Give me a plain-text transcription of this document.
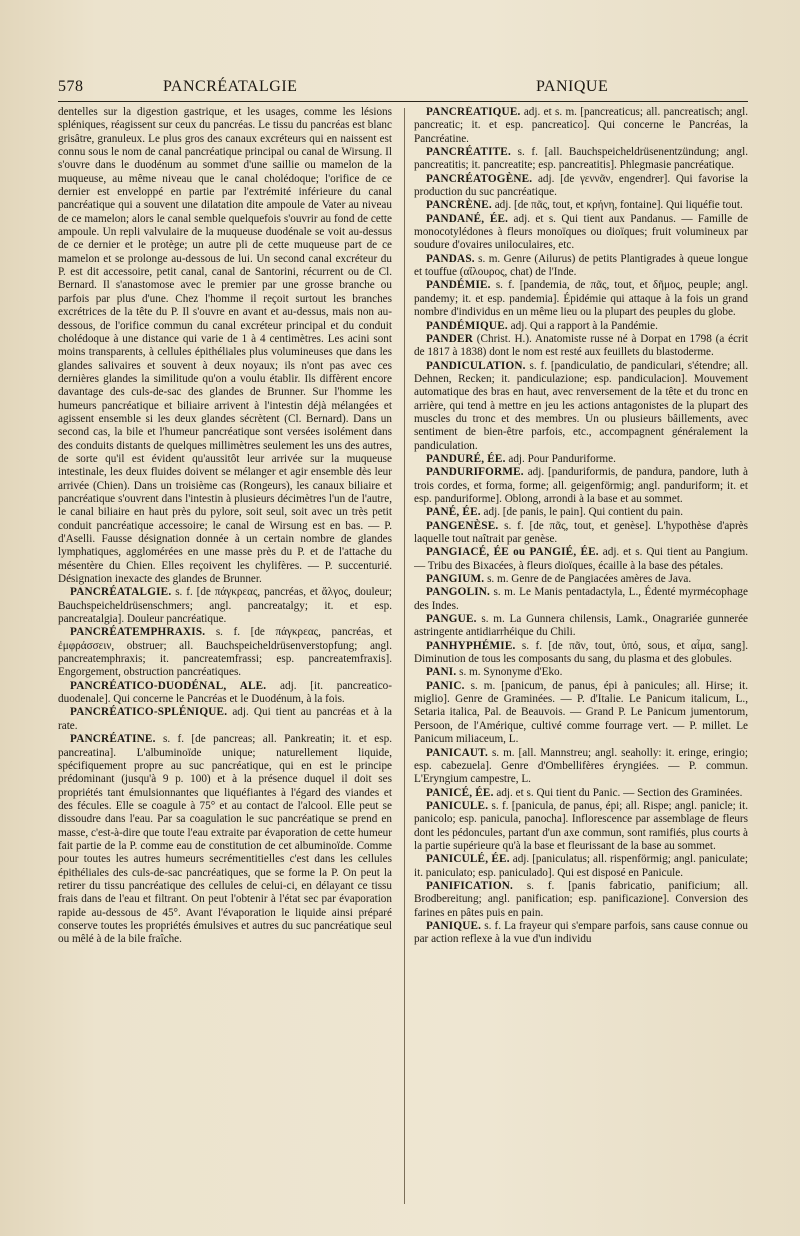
578	PANCRÉATALGIE	PANIQUE

dentelles sur la digestion gastrique, et les usages, comme les lésions spléniques, réagissent sur ceux du pancréas. Le tissu du pancréas est blanc grisâtre, granuleux. Le plus gros des canaux excréteurs qui en naissent est connu sous le nom de canal pancréatique principal ou canal de Wirsung. Il s'ouvre dans le duodénum au sommet d'une saillie ou mamelon de la muqueuse, au même niveau que le canal cholédoque; l'orifice de ce dernier est enveloppé en partie par l'extrémité inférieure du canal pancréatique qui a souvent une dilatation dite ampoule de Vater au niveau de ce mamelon; alors le canal semble quelquefois s'ouvrir au fond de cette ampoule. Un repli valvulaire de la muqueuse duodénale se voit au-dessus de ce dernier et le protège; un autre pli de cette muqueuse part de ce mamelon et se prolonge au-dessous de lui. Un second canal excréteur du P. est dit accessoire, petit canal, canal de Santorini, récurrent ou de Cl. Bernard. Il s'anastomose avec le premier par une grosse branche ou parfois par plus d'une. Chez l'homme il reçoit surtout les branches excrétrices de la tête du P. Il s'ouvre en avant et au-dessus, mais non au-dessous, de l'orifice commun du canal excréteur principal et du conduit cholédoque à une distance qui varie de 1 à 4 centimètres. Les acini sont moins transparents, à cellules épithéliales plus volumineuses que dans les glandes salivaires et souvent à deux noyaux; ils n'ont pas avec ces dernières glandes la similitude qu'on a voulu établir. Ils diffèrent encore davantage des culs-de-sac des glandes de Brunner. Sur l'homme les humeurs pancréatique et biliaire arrivent à l'intestin déjà mélangées et agissent ensemble si les deux glandes sécrètent (Cl. Bernard). Dans un second cas, la bile et l'humeur pancréatique sont versées isolément dans des conduits distants de quelques millimètres seulement les uns des autres, de sorte qu'il est évident qu'aussitôt leur arrivée sur la muqueuse intestinale, les deux fluides doivent se mélanger et agir ensemble dès leur arrivée (Chien). Dans un troisième cas (Rongeurs), les canaux biliaire et pancréatique s'ouvrent dans l'intestin à plusieurs décimètres l'un de l'autre, le canal biliaire en haut près du pylore, soit seul, soit avec un très petit conduit pancréatique accessoire; le canal de Wirsung est en bas. — P. d'Aselli. Fausse désignation donnée à un certain nombre de glandes lymphatiques, agglomérées en une masse près du P. et de l'attache du mésentère du Chien. Elles reçoivent les chylifères. — P. succenturié. Désignation inexacte des glandes de Brunner.

PANCRÉATALGIE. s. f. [de πάγκρεας, pancréas, et ἄλγος, douleur; Bauchspeicheldrüsenschmers; angl. pancreatalgy; it. et esp. pancreatalgia]. Douleur pancréatique.

PANCRÉATEMPHRAXIS. s. f. [de πάγκρεας, pancréas, et ἐμφράσσειν, obstruer; all. Bauchspeicheldrüsenverstopfung; angl. pancreatemphraxis; it. pancreatemfrassi; esp. pancreatemfraxis]. Engorgement, obstruction pancréatiques.

PANCRÉATICO-DUODÉNAL, ALE. adj. [it. pancreatico-duodenale]. Qui concerne le Pancréas et le Duodénum, à la fois.

PANCRÉATICO-SPLÉNIQUE. adj. Qui tient au pancréas et à la rate.

PANCRÉATINE. s. f. [de pancreas; all. Pankreatin; it. et esp. pancreatina]. L'albuminoïde unique; naturellement liquide, spécifiquement propre au suc pancréatique, qui en est le principe prédominant (jusqu'à 9 p. 100) et à la présence duquel il doit ses propriétés tant émulsionnantes que liquéfiantes à l'égard des viandes et des fécules. Elle se coagule à 75° et au contact de l'alcool. Elle peut se dissoudre dans l'eau. Par sa coagulation le suc pancréatique se prend en masse, c'est-à-dire que toute l'eau extraite par évaporation de cette humeur fait partie de la P. comme eau de constitution de cet albuminoïde. Comme pour toutes les autres humeurs secrémentitielles c'est dans les cellules épithéliales des culs-de-sac pancréatiques, que se forme la P. On peut la retirer du tissu pancréatique des cellules de celui-ci, en délayant ce tissu frais dans de l'eau et filtrant. On peut l'obtenir à l'état sec par évaporation rapide au-dessous de 45°. Avant l'évaporation le liquide ainsi préparé conserve toutes les propriétés émulsives et autres du suc pancréatique seul ou mêlé à de la bile fraîche.

PANCRÉATIQUE. adj. et s. m. [pancreaticus; all. pancreatisch; angl. pancreatic; it. et esp. pancreatico]. Qui concerne le Pancréas, la Pancréatine.

PANCRÉATITE. s. f. [all. Bauchspeicheldrüsenentzündung; angl. pancreatitis; it. pancreatite; esp. pancreatitis]. Phlegmasie pancréatique.

PANCRÉATOGÈNE. adj. [de γεννᾶν, engendrer]. Qui favorise la production du suc pancréatique.

PANCRÈNE. adj. [de πᾶς, tout, et κρήνη, fontaine]. Qui liquéfie tout.

PANDANÉ, ÉE. adj. et s. Qui tient aux Pandanus. — Famille de monocotylédones à fleurs monoïques ou dioïques; fruit volumineux par soudure d'ovaires uniloculaires, etc.

PANDAS. s. m. Genre (Ailurus) de petits Plantigrades à queue longue et touffue (αἴλουρος, chat) de l'Inde.

PANDÉMIE. s. f. [pandemia, de πᾶς, tout, et δῆμος, peuple; angl. pandemy; it. et esp. pandemia]. Épidémie qui attaque à la fois un grand nombre d'individus en un même lieu ou la plupart des peuples du globe.

PANDÉMIQUE. adj. Qui a rapport à la Pandémie.

PANDER (Christ. H.). Anatomiste russe né à Dorpat en 1798 (a écrit de 1817 à 1838) dont le nom est resté aux feuillets du blastoderme.

PANDICULATION. s. f. [pandiculatio, de pandiculari, s'étendre; all. Dehnen, Recken; it. pandiculazione; esp. pandiculacion]. Mouvement automatique des bras en haut, avec renversement de la tête et du tronc en arrière, qui tend à mettre en jeu les actions antagonistes de la plupart des muscles du tronc et des membres. Un ou plusieurs bâillements, avec sentiment de bien-être parfois, etc., accompagnent généralement la pandiculation.

PANDURÉ, ÉE. adj. Pour Panduriforme.

PANDURIFORME. adj. [panduriformis, de pandura, pandore, luth à trois cordes, et forma, forme; all. geigenförmig; angl. panduriform; it. et esp. panduriforme]. Oblong, arrondi à la base et au sommet.

PANÉ, ÉE. adj. [de panis, le pain]. Qui contient du pain.

PANGENÈSE. s. f. [de πᾶς, tout, et genèse]. L'hypothèse d'après laquelle tout naîtrait par genèse.

PANGIACÉ, ÉE ou PANGIÉ, ÉE. adj. et s. Qui tient au Pangium. — Tribu des Bixacées, à fleurs dioïques, écaille à la base des pétales.

PANGIUM. s. m. Genre de de Pangiacées amères de Java.

PANGOLIN. s. m. Le Manis pentadactyla, L., Édenté myrmécophage des Indes.

PANGUE. s. m. La Gunnera chilensis, Lamk., Onagrariée gunnerée astringente antidiarrhéique du Chili.

PANHYPHÉMIE. s. f. [de πᾶν, tout, ὑπό, sous, et αἷμα, sang]. Diminution de tous les composants du sang, du plasma et des globules.

PANI. s. m. Synonyme d'Eko.

PANIC. s. m. [panicum, de panus, épi à panicules; all. Hirse; it. miglio]. Genre de Graminées. — P. d'Italie. Le Panicum italicum, L., Setaria italica, Pal. de Beauvois. — Grand P. Le Panicum jumentorum, Persoon, de l'Amérique, cultivé comme fourrage vert. — P. millet. Le Panicum miliaceum, L.

PANICAUT. s. m. [all. Mannstreu; angl. seaholly: it. eringe, eringio; esp. cabezuela]. Genre d'Ombellifères éryngiées. — P. commun. L'Eryngium campestre, L.

PANICÉ, ÉE. adj. et s. Qui tient du Panic. — Section des Graminées.

PANICULE. s. f. [panicula, de panus, épi; all. Rispe; angl. panicle; it. panicolo; esp. panicula, panocha]. Inflorescence par assemblage de fleurs dont les pédoncules, partant d'un axe commun, sont ramifiés, plus courts à la partie supérieure qu'à la base et fleurissant de la base au sommet.

PANICULÉ, ÉE. adj. [paniculatus; all. rispenförmig; angl. paniculate; it. paniculato; esp. paniculado]. Qui est disposé en Panicule.

PANIFICATION. s. f. [panis fabricatio, panificium; all. Brodbereitung; angl. panification; esp. panificazione]. Conversion des farines en pâtes puis en pain.

PANIQUE. s. f. La frayeur qui s'empare parfois, sans cause connue ou par action reflexe à la vue d'un individu
